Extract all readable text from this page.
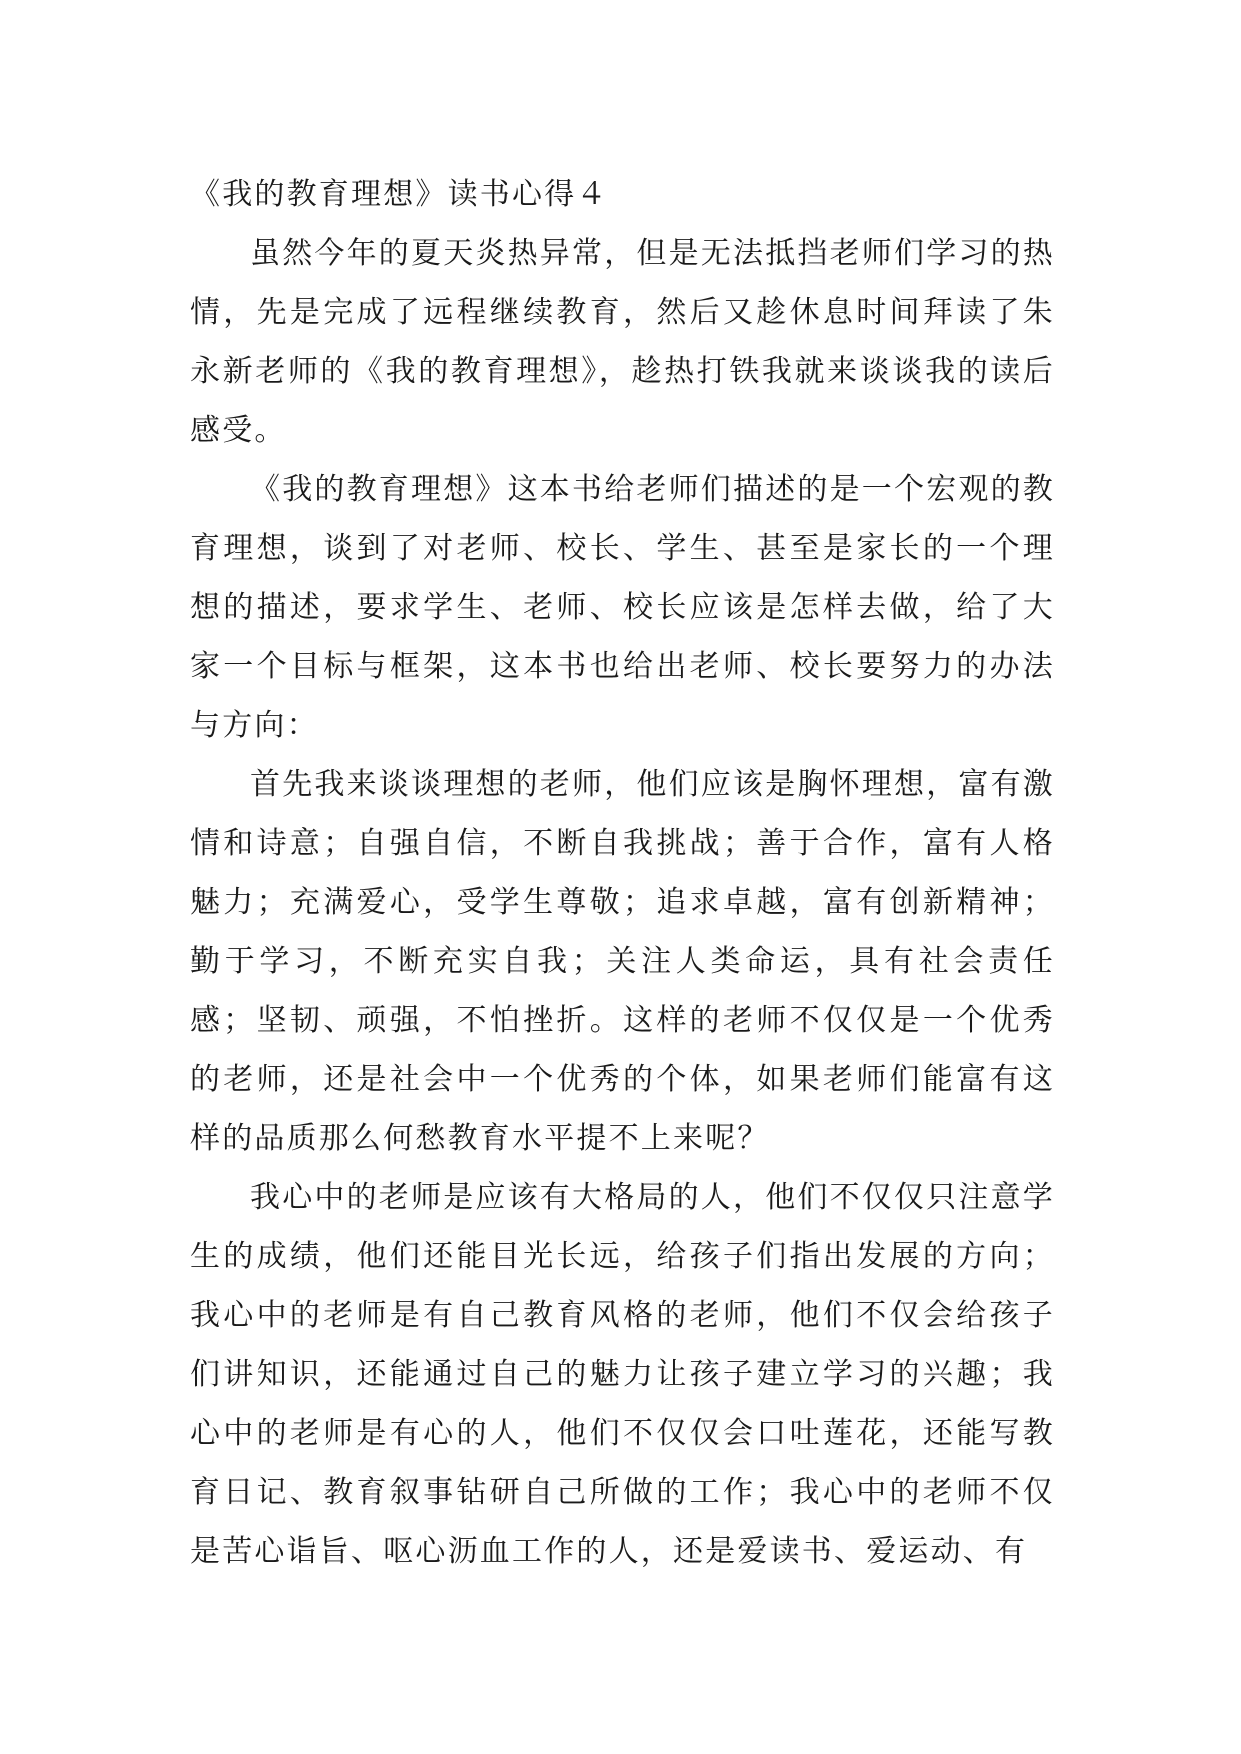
《我的教育理想》读书心得４

虽然今年的夏天炎热异常，但是无法抵挡老师们学习的热情，先是完成了远程继续教育，然后又趁休息时间拜读了朱永新老师的《我的教育理想》，趁热打铁我就来谈谈我的读后感受。

《我的教育理想》这本书给老师们描述的是一个宏观的教育理想，谈到了对老师、校长、学生、甚至是家长的一个理想的描述，要求学生、老师、校长应该是怎样去做，给了大家一个目标与框架，这本书也给出老师、校长要努力的办法与方向：

首先我来谈谈理想的老师，他们应该是胸怀理想，富有激情和诗意；自强自信，不断自我挑战；善于合作，富有人格魅力；充满爱心，受学生尊敬；追求卓越，富有创新精神；勤于学习，不断充实自我；关注人类命运，具有社会责任感；坚韧、顽强，不怕挫折。这样的老师不仅仅是一个优秀的老师，还是社会中一个优秀的个体，如果老师们能富有这样的品质那么何愁教育水平提不上来呢？

我心中的老师是应该有大格局的人，他们不仅仅只注意学生的成绩，他们还能目光长远，给孩子们指出发展的方向；我心中的老师是有自己教育风格的老师，他们不仅会给孩子们讲知识，还能通过自己的魅力让孩子建立学习的兴趣；我心中的老师是有心的人，他们不仅仅会口吐莲花，还能写教育日记、教育叙事钻研自己所做的工作；我心中的老师不仅是苦心诣旨、呕心沥血工作的人，还是爱读书、爱运动、有
